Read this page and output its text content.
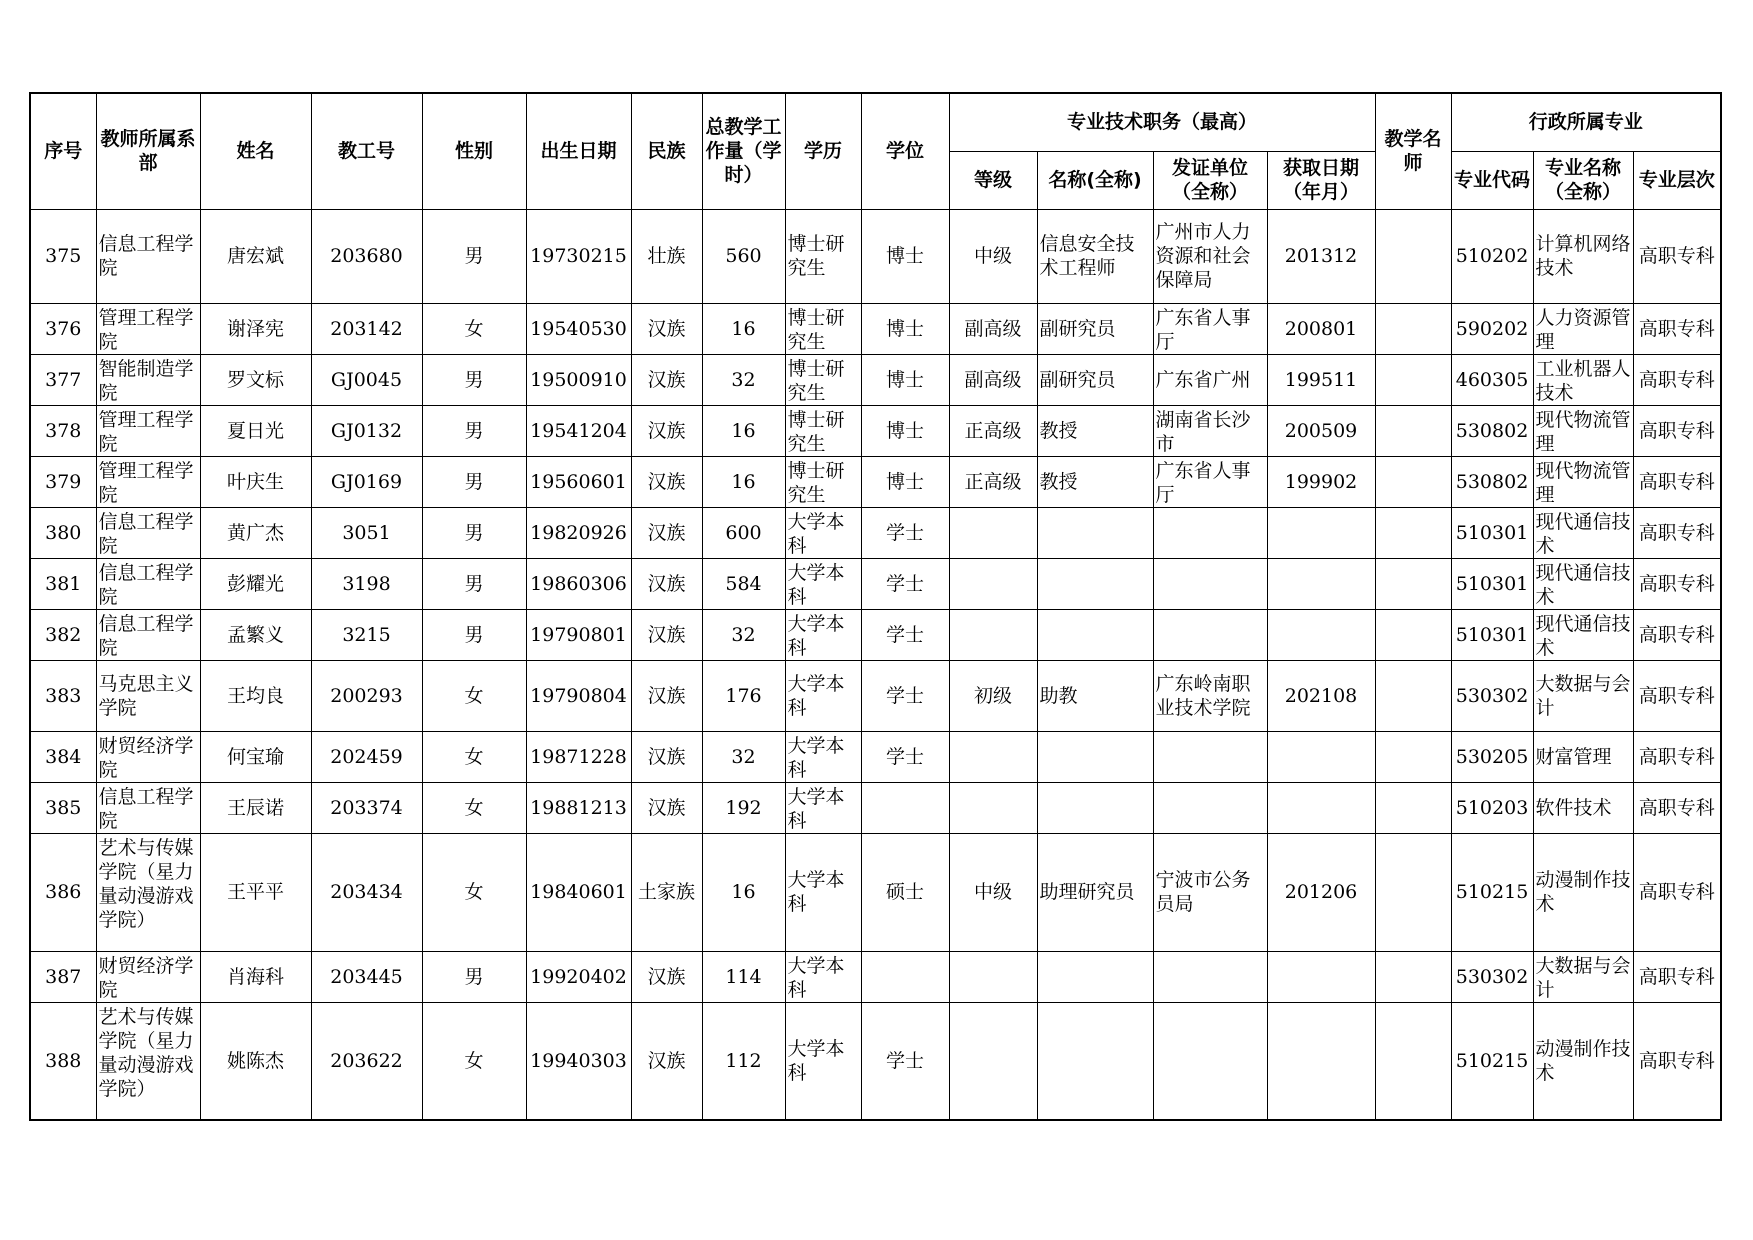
序号	教师所属系部	姓名	教工号	性别	出生日期	民族	总教学工作量（学时）	学历	学位	专业技术职务（最高）				教学名师	行政所属专业		
										等级	名称(全称)	发证单位（全称）	获取日期（年月）		专业代码	专业名称（全称）	专业层次
375	信息工程学院	唐宏斌	203680	男	19730215	壮族	560	博士研究生	博士	中级	信息安全技术工程师	广州市人力资源和社会保障局	201312		510202	计算机网络技术	高职专科
376	管理工程学院	谢泽宪	203142	女	19540530	汉族	16	博士研究生	博士	副高级	副研究员	广东省人事厅	200801		590202	人力资源管理	高职专科
377	智能制造学院	罗文标	GJ0045	男	19500910	汉族	32	博士研究生	博士	副高级	副研究员	广东省广州	199511		460305	工业机器人技术	高职专科
378	管理工程学院	夏日光	GJ0132	男	19541204	汉族	16	博士研究生	博士	正高级	教授	湖南省长沙市	200509		530802	现代物流管理	高职专科
379	管理工程学院	叶庆生	GJ0169	男	19560601	汉族	16	博士研究生	博士	正高级	教授	广东省人事厅	199902		530802	现代物流管理	高职专科
380	信息工程学院	黄广杰	3051	男	19820926	汉族	600	大学本科	学士						510301	现代通信技术	高职专科
381	信息工程学院	彭耀光	3198	男	19860306	汉族	584	大学本科	学士						510301	现代通信技术	高职专科
382	信息工程学院	孟繁义	3215	男	19790801	汉族	32	大学本科	学士						510301	现代通信技术	高职专科
383	马克思主义学院	王均良	200293	女	19790804	汉族	176	大学本科	学士	初级	助教	广东岭南职业技术学院	202108		530302	大数据与会计	高职专科
384	财贸经济学院	何宝瑜	202459	女	19871228	汉族	32	大学本科	学士						530205	财富管理	高职专科
385	信息工程学院	王辰诺	203374	女	19881213	汉族	192	大学本科							510203	软件技术	高职专科
386	艺术与传媒学院（星力量动漫游戏学院）	王平平	203434	女	19840601	土家族	16	大学本科	硕士	中级	助理研究员	宁波市公务员局	201206		510215	动漫制作技术	高职专科
387	财贸经济学院	肖海科	203445	男	19920402	汉族	114	大学本科							530302	大数据与会计	高职专科
388	艺术与传媒学院（星力量动漫游戏学院）	姚陈杰	203622	女	19940303	汉族	112	大学本科	学士						510215	动漫制作技术	高职专科
